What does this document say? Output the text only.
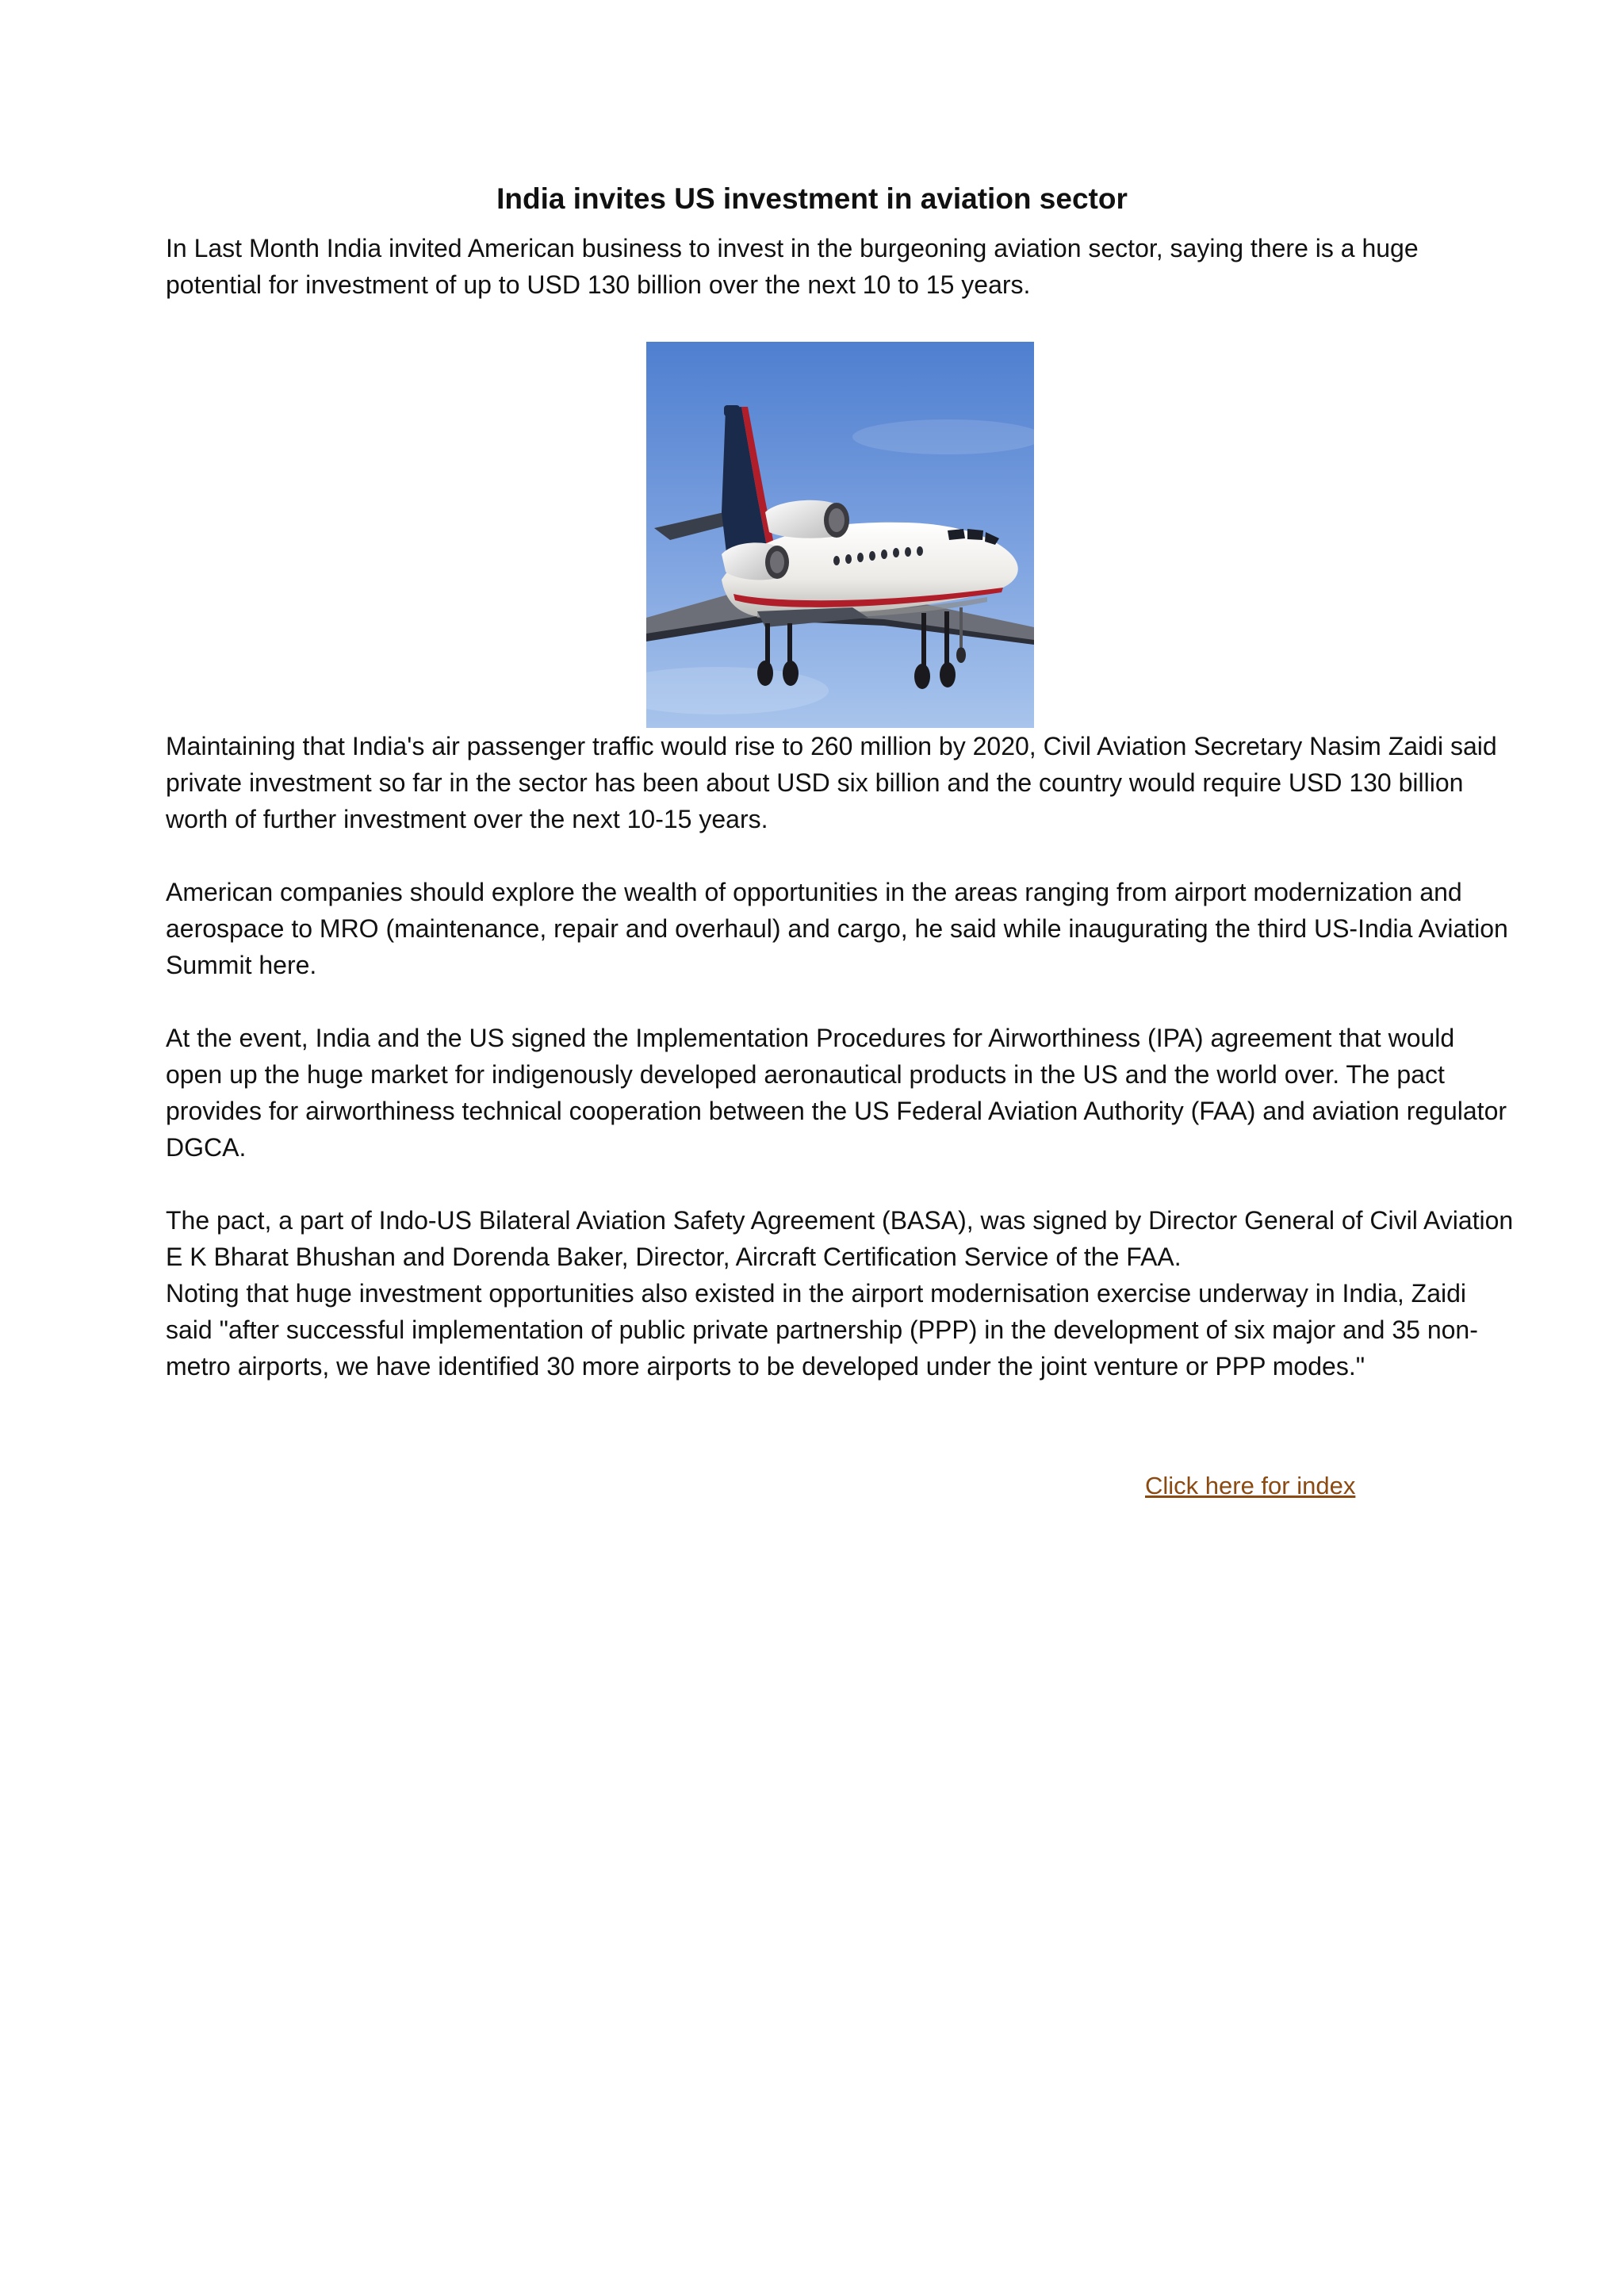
India invites US investment in aviation sector

In Last Month India invited American business to invest in the burgeoning aviation sector, saying there is a huge potential for investment of up to USD 130 billion over the next 10 to 15 years.

Maintaining that India's air passenger traffic would rise to 260 million by 2020, Civil Aviation Secretary Nasim Zaidi said private investment so far in the sector has been about USD six billion and the country would require USD 130 billion worth of further investment over the next 10-15 years.

American companies should explore the wealth of opportunities in the areas ranging from airport modernization and aerospace to MRO (maintenance, repair and overhaul) and cargo, he said while inaugurating the third US-India Aviation Summit here.

At the event, India and the US signed the Implementation Procedures for Airworthiness (IPA) agreement that would open up the huge market for indigenously developed aeronautical products in the US and the world over. The pact provides for airworthiness technical cooperation between the US Federal Aviation Authority (FAA) and aviation regulator DGCA.

The pact, a part of Indo-US Bilateral Aviation Safety Agreement (BASA), was signed by Director General of Civil Aviation E K Bharat Bhushan and Dorenda Baker, Director, Aircraft Certification Service of the FAA.

Noting that huge investment opportunities also existed in the airport modernisation exercise underway in India, Zaidi said "after successful implementation of public private partnership (PPP) in the development of six major and 35 non- metro airports, we have identified 30 more airports to be developed under the joint venture or PPP modes."

Click here for index
